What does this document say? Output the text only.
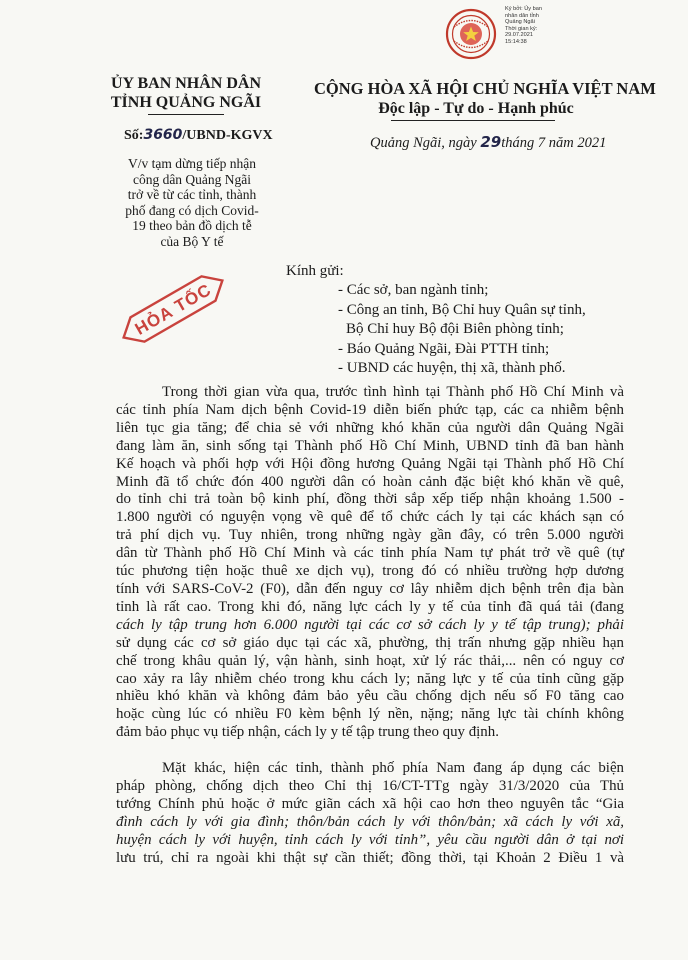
Ký bởi: Ủy ban
nhân dân tỉnh
Quảng Ngãi
Thời gian ký:
29.07.2021
15:14:38
ỦY BAN NHÂN DÂN
TỈNH QUẢNG NGÃI
CỘNG HÒA XÃ HỘI CHỦ NGHĨA VIỆT NAM
Độc lập - Tự do - Hạnh phúc
Số:3660/UBND-KGVX	Quảng Ngãi, ngày 29tháng 7 năm 2021
V/v tạm dừng tiếp nhận
công dân Quảng Ngãi
trở về từ các tỉnh, thành
phố đang có dịch Covid-
19 theo bản đồ dịch tễ
của Bộ Y tế
HỎA TỐC
Kính gửi:
- Các sở, ban ngành tỉnh;
- Công an tỉnh, Bộ Chỉ huy Quân sự tỉnh,
Bộ Chỉ huy Bộ đội Biên phòng tỉnh;
- Báo Quảng Ngãi, Đài PTTH tỉnh;
- UBND các huyện, thị xã, thành phố.
Trong thời gian vừa qua, trước tình hình tại Thành phố Hồ Chí Minh và
các tỉnh phía Nam dịch bệnh Covid-19 diễn biến phức tạp, các ca nhiễm bệnh
liên tục gia tăng; để chia sẻ với những khó khăn của người dân Quảng Ngãi
đang làm ăn, sinh sống tại Thành phố Hồ Chí Minh, UBND tỉnh đã ban hành
Kế hoạch và phối hợp với Hội đồng hương Quảng Ngãi tại Thành phố Hồ Chí
Minh đã tổ chức đón 400 người dân có hoàn cảnh đặc biệt khó khăn về quê,
do tỉnh chi trả toàn bộ kinh phí, đồng thời sắp xếp tiếp nhận khoảng 1.500 -
1.800 người có nguyện vọng về quê để tổ chức cách ly tại các khách sạn có
trả phí dịch vụ. Tuy nhiên, trong những ngày gần đây, có trên 5.000 người
dân từ Thành phố Hồ Chí Minh và các tỉnh phía Nam tự phát trở về quê (tự
túc phương tiện hoặc thuê xe dịch vụ), trong đó có nhiều trường hợp dương
tính với SARS-CoV-2 (F0), dẫn đến nguy cơ lây nhiễm dịch bệnh trên địa bàn
tỉnh là rất cao. Trong khi đó, năng lực cách ly y tế của tỉnh đã quá tải (đang
cách ly tập trung hơn 6.000 người tại các cơ sở cách ly y tế tập trung); phải
sử dụng các cơ sở giáo dục tại các xã, phường, thị trấn nhưng gặp nhiều hạn
chế trong khâu quản lý, vận hành, sinh hoạt, xử lý rác thải,... nên có nguy cơ
cao xảy ra lây nhiễm chéo trong khu cách ly; năng lực y tế của tỉnh cũng gặp
nhiều khó khăn và không đảm bảo yêu cầu chống dịch nếu số F0 tăng cao
hoặc cùng lúc có nhiều F0 kèm bệnh lý nền, nặng; năng lực tài chính không
đảm bảo phục vụ tiếp nhận, cách ly y tế tập trung theo quy định.
Mặt khác, hiện các tỉnh, thành phố phía Nam đang áp dụng các biện
pháp phòng, chống dịch theo Chỉ thị 16/CT-TTg ngày 31/3/2020 của Thủ
tướng Chính phủ hoặc ở mức giãn cách xã hội cao hơn theo nguyên tắc “Gia
đình cách ly với gia đình; thôn/bản cách ly với thôn/bản; xã cách ly với xã,
huyện cách ly với huyện, tỉnh cách ly với tỉnh”, yêu cầu người dân ở tại nơi
lưu trú, chỉ ra ngoài khi thật sự cần thiết; đồng thời, tại Khoản 2 Điều 1 và
